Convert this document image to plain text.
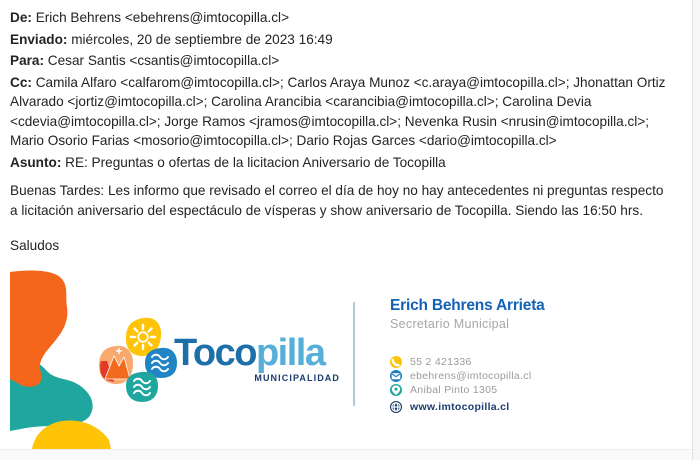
De: Erich Behrens <ebehrens@imtocopilla.cl>

Enviado: miércoles, 20 de septiembre de 2023 16:49

Para: Cesar Santis <csantis@imtocopilla.cl>

Cc: Camila Alfaro <calfarom@imtocopilla.cl>; Carlos Araya Munoz <c.araya@imtocopilla.cl>; Jhonattan Ortiz Alvarado <jortiz@imtocopilla.cl>; Carolina Arancibia <carancibia@imtocopilla.cl>; Carolina Devia <cdevia@imtocopilla.cl>; Jorge Ramos <jramos@imtocopilla.cl>; Nevenka Rusin <nrusin@imtocopilla.cl>; Mario Osorio Farias <mosorio@imtocopilla.cl>; Dario Rojas Garces <dario@imtocopilla.cl>

Asunto: RE: Preguntas o ofertas de la licitacion Aniversario de Tocopilla

Buenas Tardes: Les informo que revisado el correo el día de hoy no hay antecedentes ni preguntas respecto a licitación aniversario del espectáculo de vísperas y show aniversario de Tocopilla. Siendo las 16:50 hrs.

Saludos

Tocopilla
MUNICIPALIDAD
Erich Behrens Arrieta
Secretario Municipal
55 2 421336
ebehrens@imtocopilla.cl
Anibal Pinto 1305
www.imtocopilla.cl
